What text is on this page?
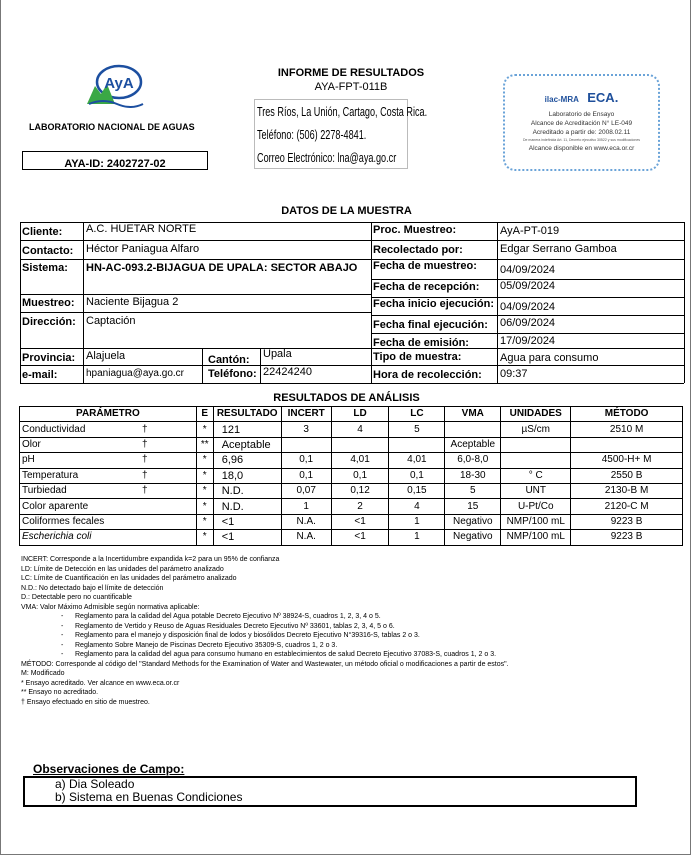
AyA
LABORATORIO NACIONAL DE AGUAS
AYA-ID: 2402727-02
INFORME DE RESULTADOS
AYA-FPT-011B
Tres Ríos, La Unión, Cartago, Costa Rica.
Teléfono: (506) 2278-4841.
Correo Electrónico: lna@aya.go.cr
ilac-MRA ECA.
Laboratorio de Ensayo
Alcance de Acreditación N° LE-049
Acreditado a partir de: 2008.02.11
De manera indefinida Art. 11, Decreto ejecutivo 30522 y sus modificaciones
Alcance disponible en www.eca.or.cr
DATOS DE LA MUESTRA
Cliente: A.C. HUETAR NORTE
Contacto: Héctor Paniagua Alfaro
Sistema: HN-AC-093.2-BIJAGUA DE UPALA: SECTOR ABAJO
Muestreo: Naciente Bijagua 2
Dirección: Captación
Provincia: Alajuela	Cantón: Upala
e-mail:	hpaniagua@aya.go.cr Teléfono: 22424240
Proc. Muestreo:	AyA-PT-019
Recolectado por:	Edgar Serrano Gamboa
Fecha de muestreo: 04/09/2024
Fecha de recepción: 05/09/2024
Fecha inicio ejecución: 04/09/2024
Fecha final ejecución: 06/09/2024
Fecha de emisión:	17/09/2024
Tipo de muestra:	Agua para consumo
Hora de recolección: 09:37
RESULTADOS DE ANÁLISIS
PARÁMETRO	E	RESULTADO	INCERT	LD	LC	VMA	UNIDADES	MÉTODO
Conductividad †	*	121	3	4	5		µS/cm	2510 M
Olor †	**	Aceptable				Aceptable		
pH †	*	6,96	0,1	4,01	4,01	6,0-8,0		4500-H+ M
Temperatura †	*	18,0	0,1	0,1	0,1	18-30	° C	2550 B
Turbiedad †	*	N.D.	0,07	0,12	0,15	5	UNT	2130-B M
Color aparente	*	N.D.	1	2	4	15	U-Pt/Co	2120-C M
Coliformes fecales	*	<1	N.A.	<1	1	Negativo	NMP/100 mL	9223 B
Escherichia coli	*	<1	N.A.	<1	1	Negativo	NMP/100 mL	9223 B
INCERT: Corresponde a la Incertidumbre expandida k=2 para un 95% de confianza
LD: Límite de Detección en las unidades del parámetro analizado
LC: Límite de Cuantificación en las unidades del parámetro analizado
N.D.: No detectado bajo el límite de detección
D.: Detectable pero no cuantificable
VMA: Valor Máximo Admisible según normativa aplicable:
-      Reglamento para la calidad del Agua potable Decreto Ejecutivo Nº 38924-S, cuadros 1, 2, 3, 4 o 5.
-      Reglamento de Vertido y Reuso de Aguas Residuales Decreto Ejecutivo Nº 33601, tablas 2, 3, 4, 5 o 6.
-      Reglamento para el manejo y disposición final de lodos y biosólidos Decreto Ejecutivo N°39316-S, tablas 2 o 3.
-      Reglamento Sobre Manejo de Piscinas Decreto Ejecutivo 35309-S, cuadros 1, 2 o 3.
-      Reglamento para la calidad del agua para consumo humano en establecimientos de salud Decreto Ejecutivo 37083-S, cuadros 1, 2 o 3.
MÉTODO: Corresponde al código del "Standard Methods for the Examination of Water and Wastewater, un método oficial o modificaciones a partir de estos".
M: Modificado
* Ensayo acreditado. Ver alcance en www.eca.or.cr
** Ensayo no acreditado.
† Ensayo efectuado en sitio de muestreo.
Observaciones de Campo:
a) Dia Soleado
b) Sistema en Buenas Condiciones
